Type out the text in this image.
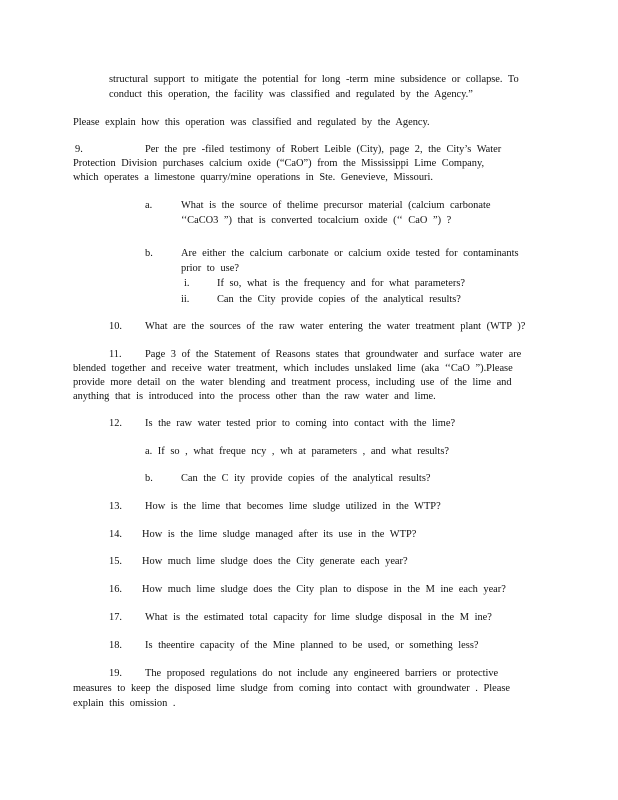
structural support to mitigate the potential for long -term mine subsidence or collapse. To
conduct this operation, the facility was classified and regulated by the Agency.”
Please explain how this operation was classified and regulated by the Agency.
9.	Per the pre -filed testimony of Robert Leible (City), page 2, the City’s Water
Protection Division purchases calcium oxide (“CaO”) from the Mississippi Lime Company,
which operates a limestone quarry/mine operations in Ste. Genevieve, Missouri.
a.	What is the source of thelime precursor material (calcium carbonate
‘‘CaCO3 ”) that is converted tocalcium oxide (‘‘ CaO ”) ?
b.	Are either the calcium carbonate or calcium oxide tested for contaminants
prior to use?
i.	If so, what is the frequency and for what parameters?
ii.	Can the City provide copies of the analytical results?
10. What are the sources of the raw water entering the water treatment plant (WTP )?
11. Page 3 of the Statement of Reasons states that groundwater and surface water are
blended together and receive water treatment, which includes unslaked lime (aka ‘‘CaO ”).Please
provide more detail on the water blending and treatment process, including use of the lime and
anything that is introduced into the process other than the raw water and lime.
12. Is the raw water tested prior to coming into contact with the lime?
a. If so , what freque ncy , wh at parameters , and what results?
b.	Can the C ity provide copies of the analytical results?
13. How is the lime that becomes lime sludge utilized in the WTP?
14. How is the lime sludge managed after its use in the WTP?
15. How much lime sludge does the City generate each year?
16. How much lime sludge does the City plan to dispose in the M ine each year?
17. What is the estimated total capacity for lime sludge disposal in the M ine?
18. Is theentire capacity of the Mine planned to be used, or something less?
19. The proposed regulations do not include any engineered barriers or protective
measures to keep the disposed lime sludge from coming into contact with groundwater . Please
explain this omission .
